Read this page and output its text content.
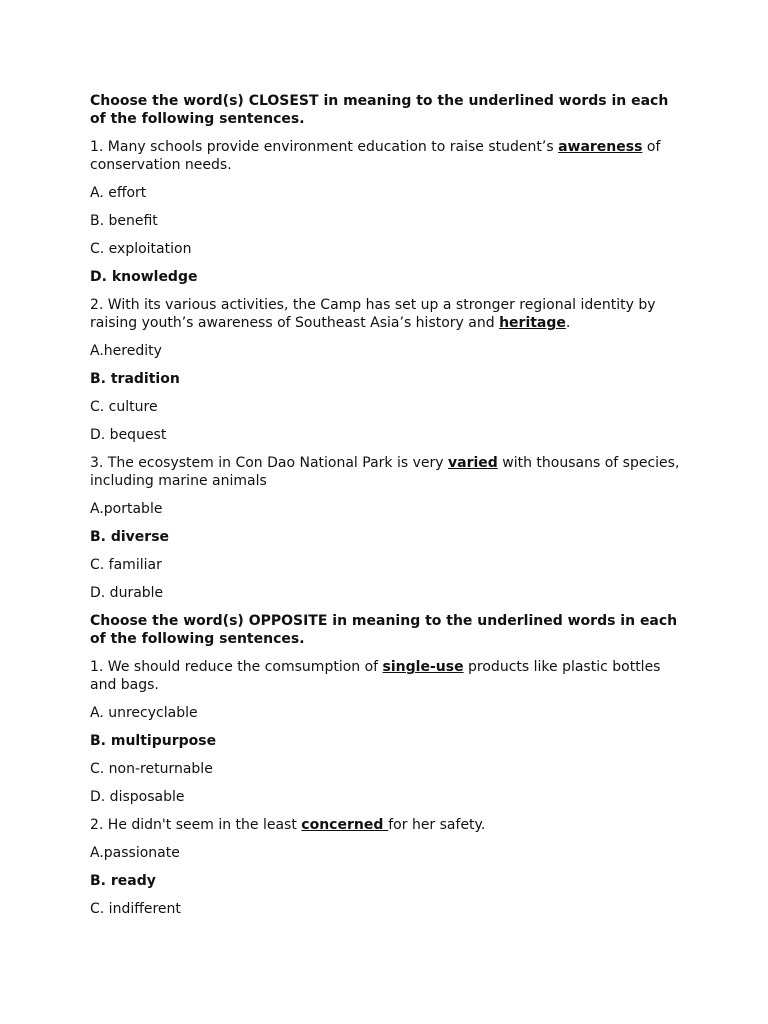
Choose the word(s) CLOSEST in meaning to the underlined words in each of the following sentences.

1. Many schools provide environment education to raise student’s awareness of conservation needs.

A. effort

B. benefit

C. exploitation

D. knowledge

2. With its various activities, the Camp has set up a stronger regional identity by raising youth’s awareness of Southeast Asia’s history and heritage.

A.heredity

B. tradition

C. culture

D. bequest

3. The ecosystem in Con Dao National Park is very varied with thousans of species, including marine animals

A.portable

B. diverse

C. familiar

D. durable

Choose the word(s) OPPOSITE in meaning to the underlined words in each of the following sentences.

1. We should reduce the comsumption of single-use products like plastic bottles and bags.

A. unrecyclable

B. multipurpose

C. non-returnable

D. disposable

2. He didn't seem in the least concerned for her safety.

A.passionate

B. ready

C. indifferent
